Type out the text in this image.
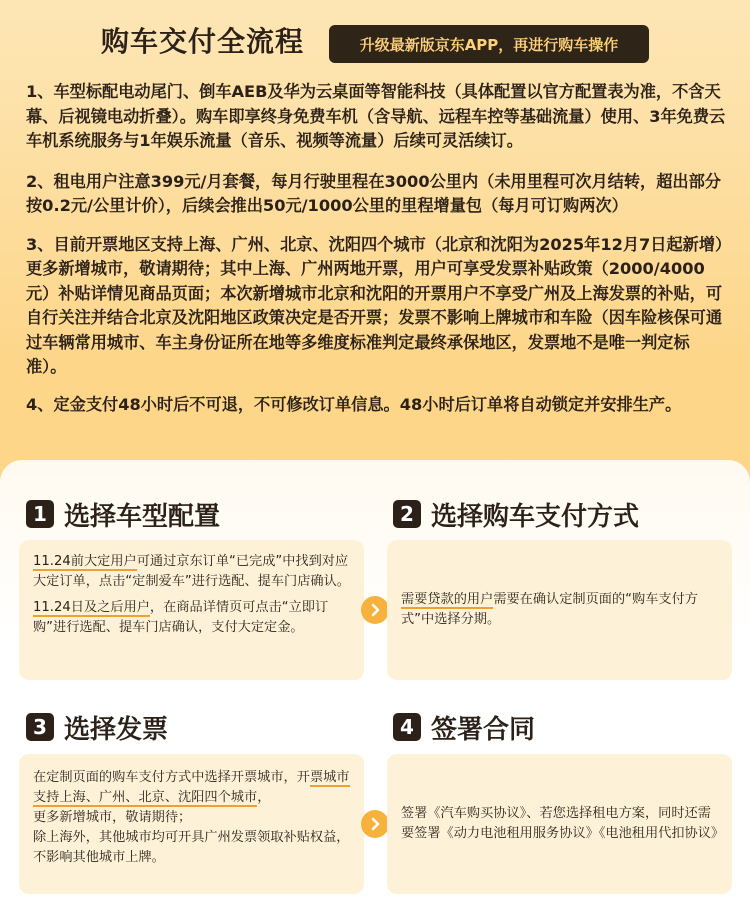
购车交付全流程	升级最新版京东APP，再进行购车操作
1、车型标配电动尾门、倒车AEB及华为云桌面等智能科技（具体配置以官方配置表为准，不含天幕、后视镜电动折叠）。购车即享终身免费车机（含导航、远程车控等基础流量）使用、3年免费云车机系统服务与1年娱乐流量（音乐、视频等流量）后续可灵活续订。
2、租电用户注意399元/月套餐，每月行驶里程在3000公里内（未用里程可次月结转，超出部分按0.2元/公里计价），后续会推出50元/1000公里的里程增量包（每月可订购两次）
3、目前开票地区支持上海、广州、北京、沈阳四个城市（北京和沈阳为2025年12月7日起新增）更多新增城市，敬请期待；其中上海、广州两地开票，用户可享受发票补贴政策（2000/4000元）补贴详情见商品页面；本次新增城市北京和沈阳的开票用户不享受广州及上海发票的补贴，可自行关注并结合北京及沈阳地区政策决定是否开票；发票不影响上牌城市和车险（因车险核保可通过车辆常用城市、车主身份证所在地等多维度标准判定最终承保地区，发票地不是唯一判定标准）。
4、定金支付48小时后不可退，不可修改订单信息。48小时后订单将自动锁定并安排生产。
1 选择车型配置

11.24前大定用户可通过京东订单“已完成”中找到对应大定订单，点击“定制爱车”进行选配、提车门店确认。

11.24日及之后用户，在商品详情页可点击“立即订购”进行选配、提车门店确认，支付大定定金。

2 选择购车支付方式

需要贷款的用户需要在确认定制页面的“购车支付方式”中选择分期。

3 选择发票
在定制页面的购车支付方式中选择开票城市，开票城市支持上海、广州、北京、沈阳四个城市，
更多新增城市，敬请期待；
除上海外，其他城市均可开具广州发票领取补贴权益，不影响其他城市上牌。
4 签署合同

签署《汽车购买协议》、若您选择租电方案，同时还需要签署《动力电池租用服务协议》《电池租用代扣协议》
